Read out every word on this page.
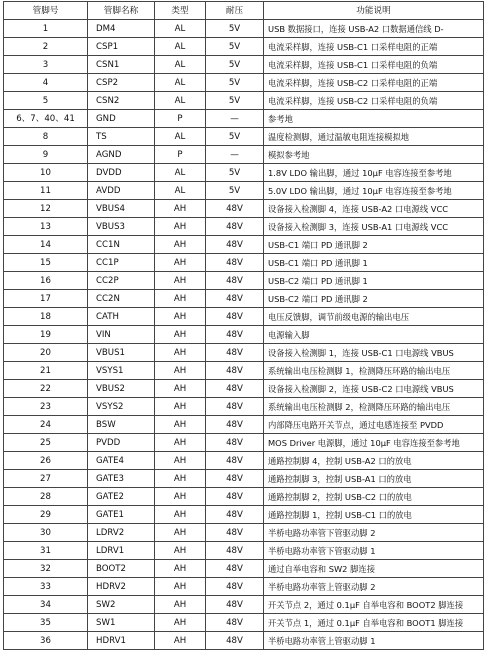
管脚号	管脚名称	类型	耐压	功能说明
1	DM4	AL	5V	USB 数据接口，连接 USB-A2 口数据通信线 D-
2	CSP1	AL	5V	电流采样脚，连接 USB-C1 口采样电阻的正端
3	CSN1	AL	5V	电流采样脚，连接 USB-C1 口采样电阻的负端
4	CSP2	AL	5V	电流采样脚，连接 USB-C2 口采样电阻的正端
5	CSN2	AL	5V	电流采样脚，连接 USB-C2 口采样电阻的负端
6、7、40、41	GND	P	—	参考地
8	TS	AL	5V	温度检测脚，通过温敏电阻连接模拟地
9	AGND	P	—	模拟参考地
10	DVDD	AL	5V	1.8V LDO 输出脚，通过 10μF 电容连接至参考地
11	AVDD	AL	5V	5.0V LDO 输出脚，通过 10μF 电容连接至参考地
12	VBUS4	AH	48V	设备接入检测脚 4，连接 USB-A2 口电源线 VCC
13	VBUS3	AH	48V	设备接入检测脚 3，连接 USB-A1 口电源线 VCC
14	CC1N	AH	48V	USB-C1 端口 PD 通讯脚 2
15	CC1P	AH	48V	USB-C1 端口 PD 通讯脚 1
16	CC2P	AH	48V	USB-C2 端口 PD 通讯脚 1
17	CC2N	AH	48V	USB-C2 端口 PD 通讯脚 2
18	CATH	AH	48V	电压反馈脚，调节前级电源的输出电压
19	VIN	AH	48V	电源输入脚
20	VBUS1	AH	48V	设备接入检测脚 1，连接 USB-C1 口电源线 VBUS
21	VSYS1	AH	48V	系统输出电压检测脚 1，检测降压环路的输出电压
22	VBUS2	AH	48V	设备接入检测脚 2，连接 USB-C2 口电源线 VBUS
23	VSYS2	AH	48V	系统输出电压检测脚 2，检测降压环路的输出电压
24	BSW	AH	48V	内部降压电路开关节点，通过电感连接至 PVDD
25	PVDD	AH	48V	MOS Driver 电源脚，通过 10μF 电容连接至参考地
26	GATE4	AH	48V	通路控制脚 4，控制 USB-A2 口的放电
27	GATE3	AH	48V	通路控制脚 3，控制 USB-A1 口的放电
28	GATE2	AH	48V	通路控制脚 2，控制 USB-C2 口的放电
29	GATE1	AH	48V	通路控制脚 1，控制 USB-C1 口的放电
30	LDRV2	AH	48V	半桥电路功率管下管驱动脚 2
31	LDRV1	AH	48V	半桥电路功率管下管驱动脚 1
32	BOOT2	AH	48V	通过自举电容和 SW2 脚连接
33	HDRV2	AH	48V	半桥电路功率管上管驱动脚 2
34	SW2	AH	48V	开关节点 2，通过 0.1μF 自举电容和 BOOT2 脚连接
35	SW1	AH	48V	开关节点 1，通过 0.1μF 自举电容和 BOOT1 脚连接
36	HDRV1	AH	48V	半桥电路功率管上管驱动脚 1
